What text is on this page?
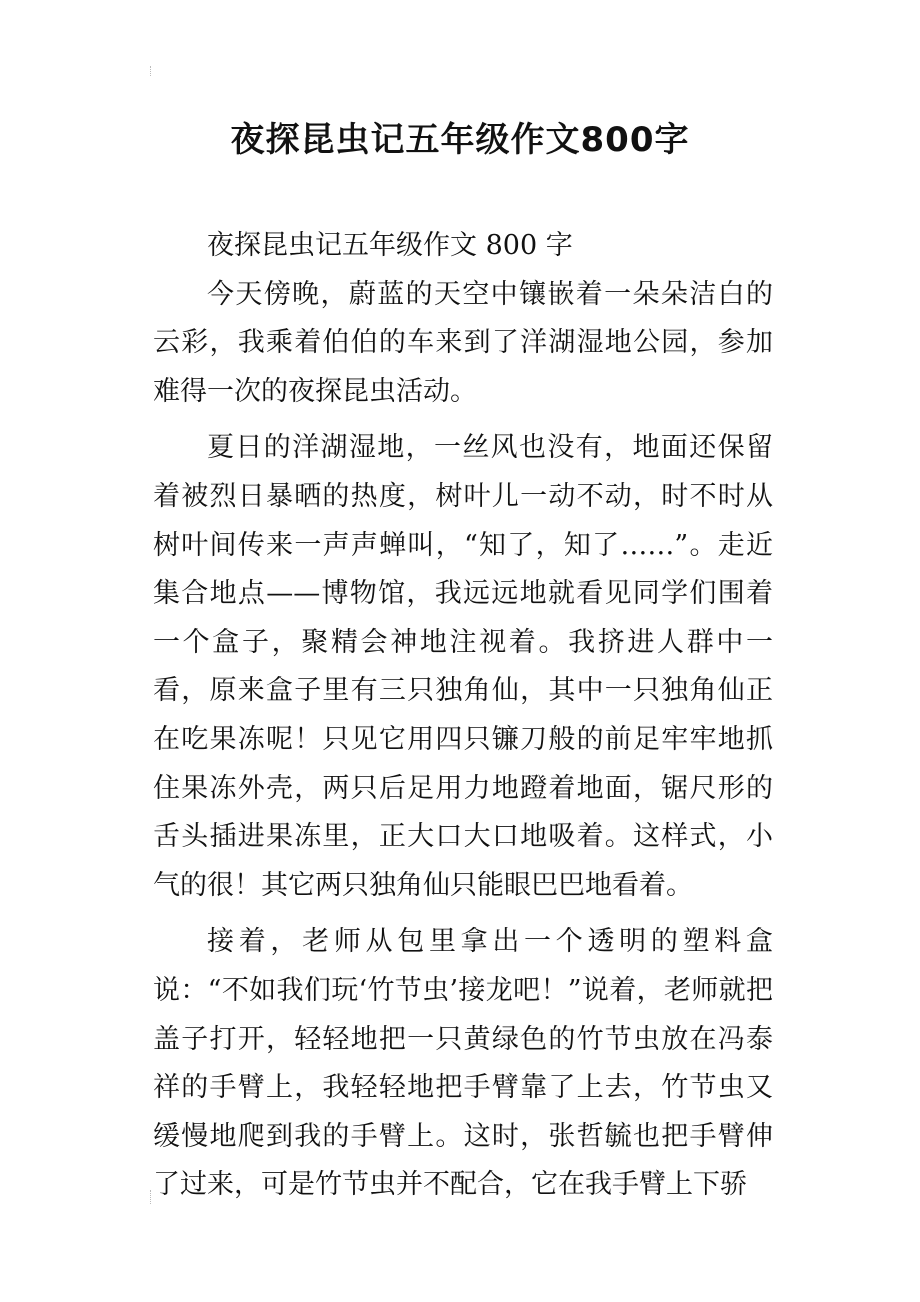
夜探昆虫记五年级作文800字

夜探昆虫记五年级作文 800 字

今天傍晚，蔚蓝的天空中镶嵌着一朵朵洁白的云彩，我乘着伯伯的车来到了洋湖湿地公园，参加难得一次的夜探昆虫活动。

夏日的洋湖湿地，一丝风也没有，地面还保留着被烈日暴晒的热度，树叶儿一动不动，时不时从树叶间传来一声声蝉叫，“知了，知了……”。走近集合地点——博物馆，我远远地就看见同学们围着一个盒子，聚精会神地注视着。我挤进人群中一看，原来盒子里有三只独角仙，其中一只独角仙正在吃果冻呢！只见它用四只镰刀般的前足牢牢地抓住果冻外壳，两只后足用力地蹬着地面，锯尺形的舌头插进果冻里，正大口大口地吸着。这样式，小气的很！其它两只独角仙只能眼巴巴地看着。

接着，老师从包里拿出一个透明的塑料盒说：“不如我们玩‘竹节虫’接龙吧！”说着，老师就把盖子打开，轻轻地把一只黄绿色的竹节虫放在冯泰祥的手臂上，我轻轻地把手臂靠了上去，竹节虫又缓慢地爬到我的手臂上。这时，张哲毓也把手臂伸了过来，可是竹节虫并不配合，它在我手臂上下骄
